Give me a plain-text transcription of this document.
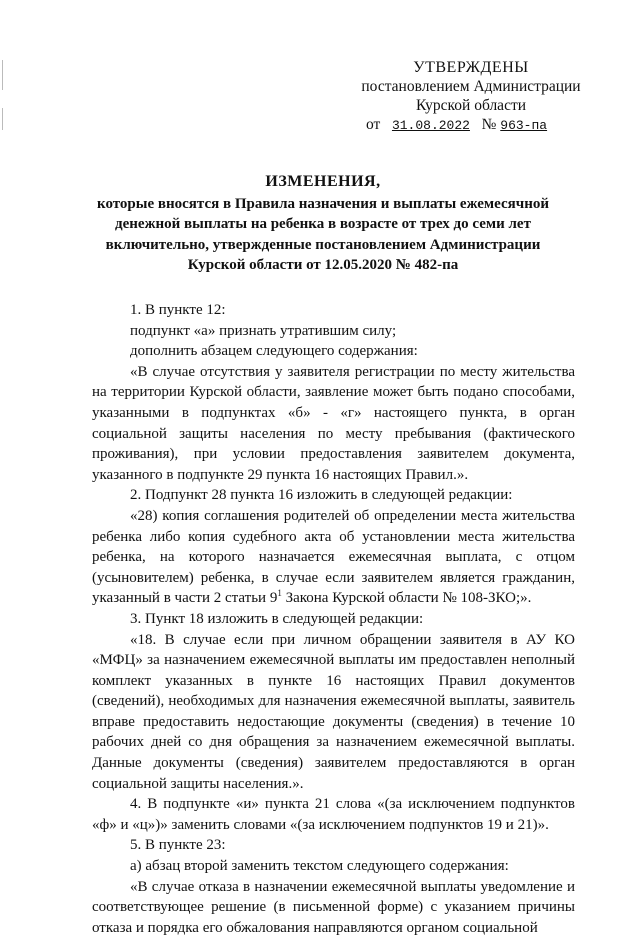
УТВЕРЖДЕНЫ
постановлением Администрации
Курской области
от 31.08.2022 № 963-па
ИЗМЕНЕНИЯ,
которые вносятся в Правила назначения и выплаты ежемесячной денежной выплаты на ребенка в возрасте от трех до семи лет включительно, утвержденные постановлением Администрации Курской области от 12.05.2020 № 482-па

1. В пункте 12:

подпункт «а» признать утратившим силу;

дополнить абзацем следующего содержания:

«В случае отсутствия у заявителя регистрации по месту жительства на территории Курской области, заявление может быть подано способами, указанными в подпунктах «б» - «г» настоящего пункта, в орган социальной защиты населения по месту пребывания (фактического проживания), при условии предоставления заявителем документа, указанного в подпункте 29 пункта 16 настоящих Правил.».

2. Подпункт 28 пункта 16 изложить в следующей редакции:

«28) копия соглашения родителей об определении места жительства ребенка либо копия судебного акта об установлении места жительства ребенка, на которого назначается ежемесячная выплата, с отцом (усыновителем) ребенка, в случае если заявителем является гражданин, указанный в части 2 статьи $9^1$ Закона Курской области № 108-ЗКО;».

3. Пункт 18 изложить в следующей редакции:

«18. В случае если при личном обращении заявителя в АУ КО «МФЦ» за назначением ежемесячной выплаты им предоставлен неполный комплект указанных в пункте 16 настоящих Правил документов (сведений), необходимых для назначения ежемесячной выплаты, заявитель вправе предоставить недостающие документы (сведения) в течение 10 рабочих дней со дня обращения за назначением ежемесячной выплаты. Данные документы (сведения) заявителем предоставляются в орган социальной защиты населения.».

4. В подпункте «и» пункта 21 слова «(за исключением подпунктов «ф» и «ц»)» заменить словами «(за исключением подпунктов 19 и 21)».

5. В пункте 23:

а) абзац второй заменить текстом следующего содержания:

«В случае отказа в назначении ежемесячной выплаты уведомление и соответствующее решение (в письменной форме) с указанием причины отказа и порядка его обжалования направляются органом социальной
